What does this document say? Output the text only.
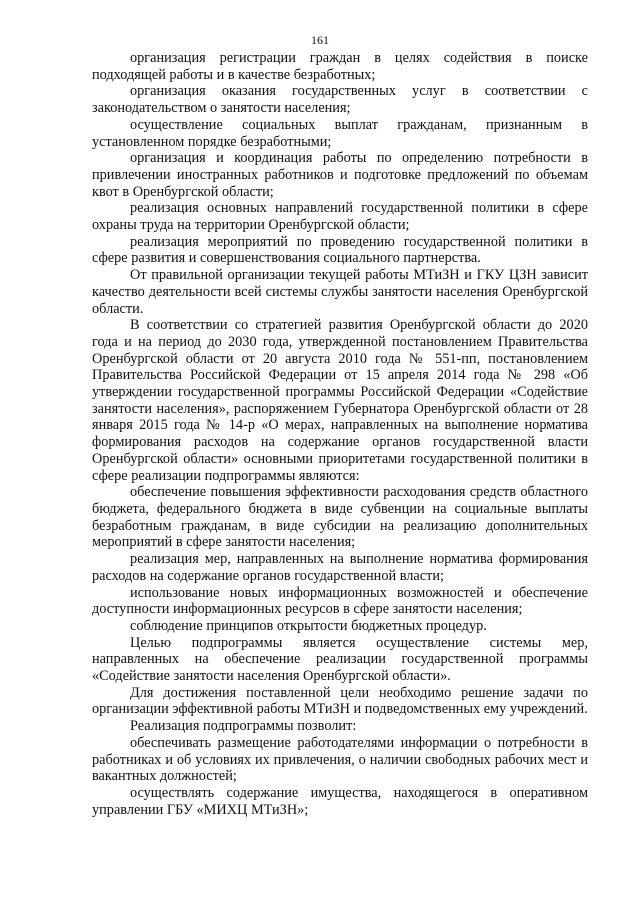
161

организация регистрации граждан в целях содействия в поиске подходящей работы и в качестве безработных;

организация оказания государственных услуг в соответствии с законодательством о занятости населения;

осуществление социальных выплат гражданам, признанным в установленном порядке безработными;

организация и координация работы по определению потребности в привлечении иностранных работников и подготовке предложений по объемам квот в Оренбургской области;

реализация основных направлений государственной политики в сфере охраны труда на территории Оренбургской области;

реализация мероприятий по проведению государственной политики в сфере развития и совершенствования социального партнерства.

От правильной организации текущей работы МТиЗН и ГКУ ЦЗН зависит качество деятельности всей системы службы занятости населения Оренбургской области.

В соответствии со стратегией развития Оренбургской области до 2020 года и на период до 2030 года, утвержденной постановлением Правительства Оренбургской области от 20 августа 2010 года № 551-пп, постановлением Правительства Российской Федерации от 15 апреля 2014 года № 298 «Об утверждении государственной программы Российской Федерации «Содействие занятости населения», распоряжением Губернатора Оренбургской области от 28 января 2015 года № 14-р «О мерах, направленных на выполнение норматива формирования расходов на содержание органов государственной власти Оренбургской области» основными приоритетами государственной политики в сфере реализации подпрограммы являются:

обеспечение повышения эффективности расходования средств областного бюджета, федерального бюджета в виде субвенции на социальные выплаты безработным гражданам, в виде субсидии на реализацию дополнительных мероприятий в сфере занятости населения;

реализация мер, направленных на выполнение норматива формирования расходов на содержание органов государственной власти;

использование новых информационных возможностей и обеспечение доступности информационных ресурсов в сфере занятости населения;

соблюдение принципов открытости бюджетных процедур.

Целью подпрограммы является осуществление системы мер, направленных на обеспечение реализации государственной программы «Содействие занятости населения Оренбургской области».

Для достижения поставленной цели необходимо решение задачи по организации эффективной работы МТиЗН и подведомственных ему учреждений.

Реализация подпрограммы позволит:

обеспечивать размещение работодателями информации о потребности в работниках и об условиях их привлечения, о наличии свободных рабочих мест и вакантных должностей;

осуществлять содержание имущества, находящегося в оперативном управлении ГБУ «МИХЦ МТиЗН»;
